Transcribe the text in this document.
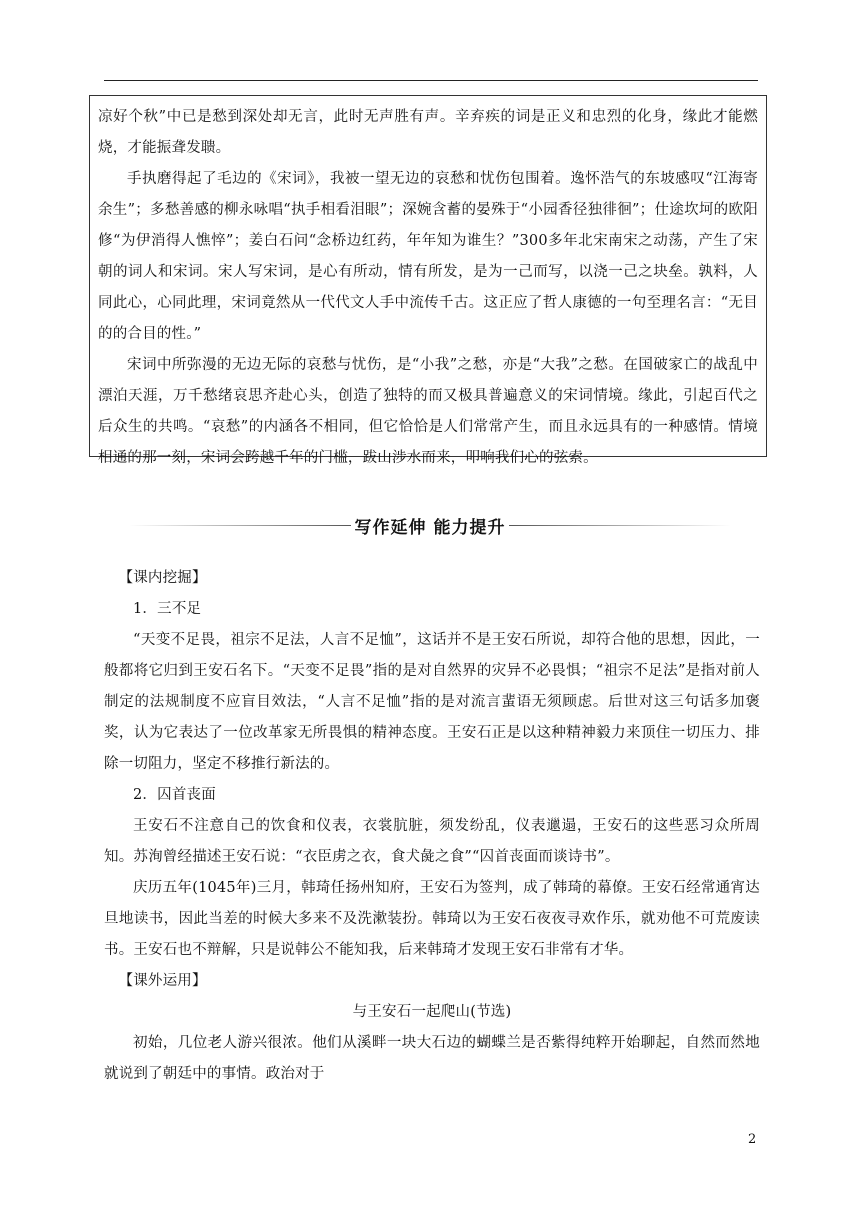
凉好个秋”中已是愁到深处却无言，此时无声胜有声。辛弃疾的词是正义和忠烈的化身，缘此才能燃烧，才能振聋发聩。

手执磨得起了毛边的《宋词》，我被一望无边的哀愁和忧伤包围着。逸怀浩气的东坡感叹“江海寄余生”；多愁善感的柳永咏唱“执手相看泪眼”；深婉含蓄的晏殊于“小园香径独徘徊”；仕途坎坷的欧阳修“为伊消得人憔悴”；姜白石问“念桥边红药，年年知为谁生？”300多年北宋南宋之动荡，产生了宋朝的词人和宋词。宋人写宋词，是心有所动，情有所发，是为一己而写，以浇一己之块垒。孰料，人同此心，心同此理，宋词竟然从一代代文人手中流传千古。这正应了哲人康德的一句至理名言：“无目的的合目的性。”

宋词中所弥漫的无边无际的哀愁与忧伤，是“小我”之愁，亦是“大我”之愁。在国破家亡的战乱中漂泊天涯，万千愁绪哀思齐赴心头，创造了独特的而又极具普遍意义的宋词情境。缘此，引起百代之后众生的共鸣。“哀愁”的内涵各不相同，但它恰恰是人们常常产生，而且永远具有的一种感情。情境相通的那一刻，宋词会跨越千年的门槛，跋山涉水而来，叩响我们心的弦索。

写作延伸 能力提升

【课内挖掘】

1．三不足

“天变不足畏，祖宗不足法，人言不足恤”，这话并不是王安石所说，却符合他的思想，因此，一般都将它归到王安石名下。“天变不足畏”指的是对自然界的灾异不必畏惧；“祖宗不足法”是指对前人制定的法规制度不应盲目效法，“人言不足恤”指的是对流言蜚语无须顾虑。后世对这三句话多加褒奖，认为它表达了一位改革家无所畏惧的精神态度。王安石正是以这种精神毅力来顶住一切压力、排除一切阻力，坚定不移推行新法的。

2．囚首丧面

王安石不注意自己的饮食和仪表，衣裳肮脏，须发纷乱，仪表邋遢，王安石的这些恶习众所周知。苏洵曾经描述王安石说：“衣臣虏之衣，食犬彘之食”“囚首丧面而谈诗书”。

庆历五年(1045年)三月，韩琦任扬州知府，王安石为签判，成了韩琦的幕僚。王安石经常通宵达旦地读书，因此当差的时候大多来不及洗漱装扮。韩琦以为王安石夜夜寻欢作乐，就劝他不可荒废读书。王安石也不辩解，只是说韩公不能知我，后来韩琦才发现王安石非常有才华。

【课外运用】

与王安石一起爬山(节选)

初始，几位老人游兴很浓。他们从溪畔一块大石边的蝴蝶兰是否紫得纯粹开始聊起，自然而然地就说到了朝廷中的事情。政治对于

2
